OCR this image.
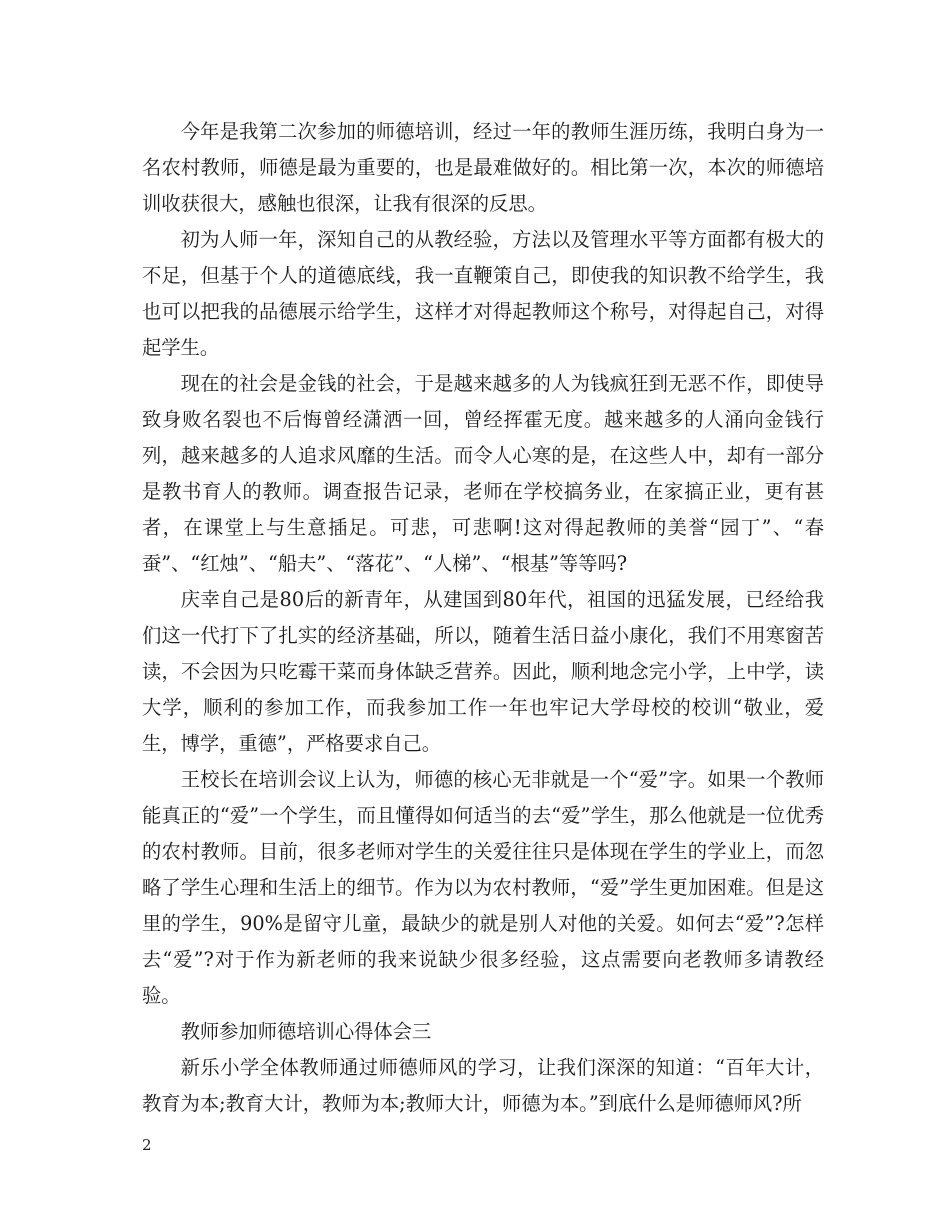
今年是我第二次参加的师德培训，经过一年的教师生涯历练，我明白身为一名农村教师，师德是最为重要的，也是最难做好的。相比第一次，本次的师德培训收获很大，感触也很深，让我有很深的反思。

初为人师一年，深知自己的从教经验，方法以及管理水平等方面都有极大的不足，但基于个人的道德底线，我一直鞭策自己，即使我的知识教不给学生，我也可以把我的品德展示给学生，这样才对得起教师这个称号，对得起自己，对得起学生。

现在的社会是金钱的社会，于是越来越多的人为钱疯狂到无恶不作，即使导致身败名裂也不后悔曾经潇洒一回，曾经挥霍无度。越来越多的人涌向金钱行列，越来越多的人追求风靡的生活。而令人心寒的是，在这些人中，却有一部分是教书育人的教师。调查报告记录，老师在学校搞务业，在家搞正业，更有甚者，在课堂上与生意插足。可悲，可悲啊!这对得起教师的美誉“园丁”、“春蚕”、“红烛”、“船夫”、“落花”、“人梯”、“根基”等等吗?

庆幸自己是80后的新青年，从建国到80年代，祖国的迅猛发展，已经给我们这一代打下了扎实的经济基础，所以，随着生活日益小康化，我们不用寒窗苦读，不会因为只吃霉干菜而身体缺乏营养。因此，顺利地念完小学，上中学，读大学，顺利的参加工作，而我参加工作一年也牢记大学母校的校训“敬业，爱生，博学，重德”，严格要求自己。

王校长在培训会议上认为，师德的核心无非就是一个“爱”字。如果一个教师能真正的“爱”一个学生，而且懂得如何适当的去“爱”学生，那么他就是一位优秀的农村教师。目前，很多老师对学生的关爱往往只是体现在学生的学业上，而忽略了学生心理和生活上的细节。作为以为农村教师，“爱”学生更加困难。但是这里的学生，90%是留守儿童，最缺少的就是别人对他的关爱。如何去“爱”?怎样去“爱”?对于作为新老师的我来说缺少很多经验，这点需要向老教师多请教经验。

教师参加师德培训心得体会三

新乐小学全体教师通过师德师风的学习，让我们深深的知道：“百年大计，教育为本;教育大计，教师为本;教师大计，师德为本。”到底什么是师德师风?所

2
